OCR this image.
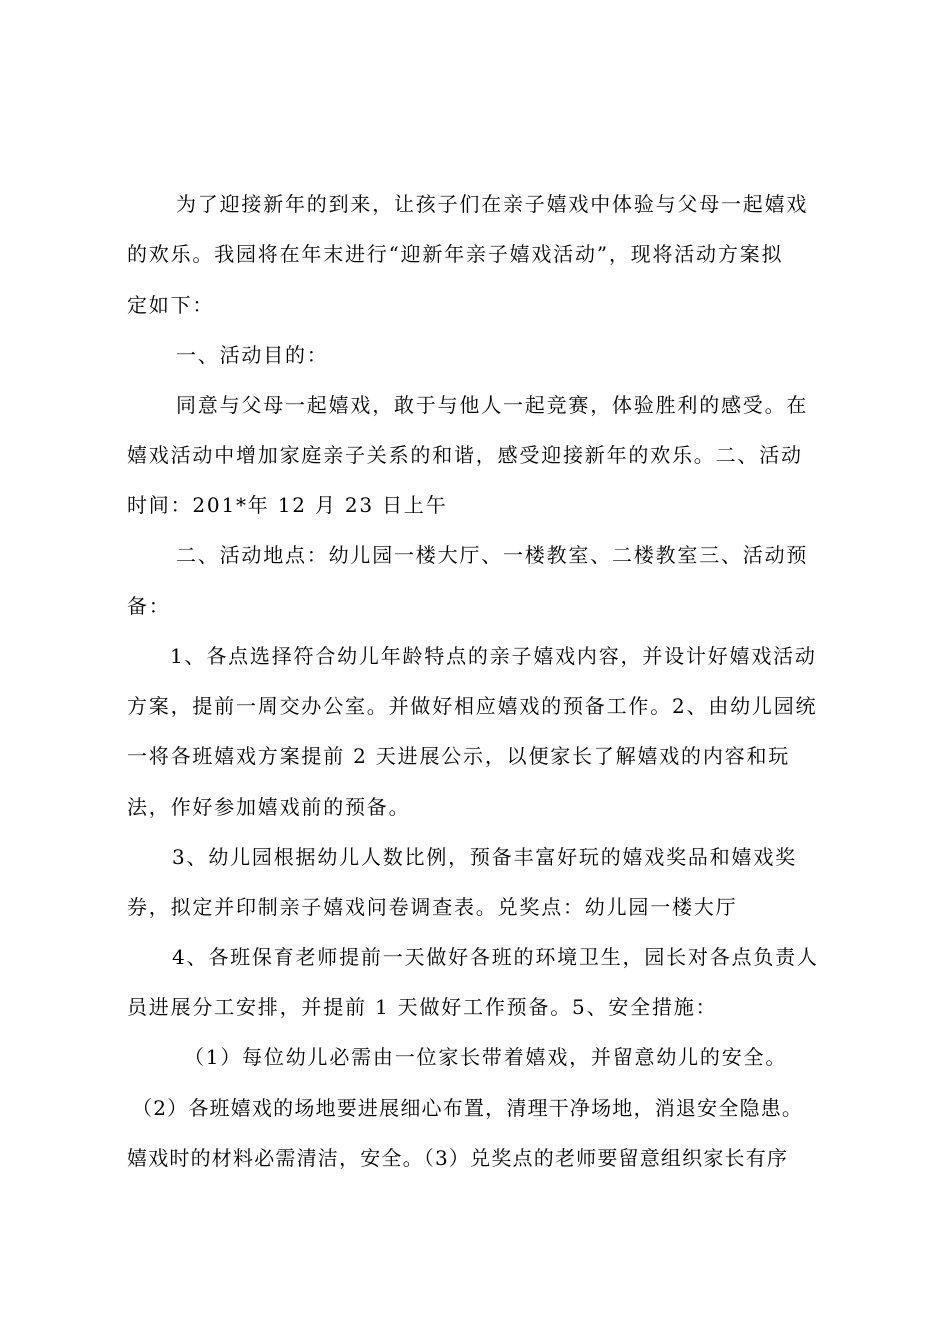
为了迎接新年的到来，让孩子们在亲子嬉戏中体验与父母一起嬉戏
的欢乐。我园将在年末进行“迎新年亲子嬉戏活动”，现将活动方案拟
定如下：
一、活动目的：
同意与父母一起嬉戏，敢于与他人一起竞赛，体验胜利的感受。在
嬉戏活动中增加家庭亲子关系的和谐，感受迎接新年的欢乐。二、活动
时间：201*年 12 月 23 日上午
二、活动地点：幼儿园一楼大厅、一楼教室、二楼教室三、活动预
备：
1、各点选择符合幼儿年龄特点的亲子嬉戏内容，并设计好嬉戏活动
方案，提前一周交办公室。并做好相应嬉戏的预备工作。2、由幼儿园统
一将各班嬉戏方案提前 2 天进展公示，以便家长了解嬉戏的内容和玩
法，作好参加嬉戏前的预备。
3、幼儿园根据幼儿人数比例，预备丰富好玩的嬉戏奖品和嬉戏奖
券，拟定并印制亲子嬉戏问卷调查表。兑奖点：幼儿园一楼大厅
4、各班保育老师提前一天做好各班的环境卫生，园长对各点负责人
员进展分工安排，并提前 1 天做好工作预备。5、安全措施：
（1）每位幼儿必需由一位家长带着嬉戏，并留意幼儿的安全。
（2）各班嬉戏的场地要进展细心布置，清理干净场地，消退安全隐患。
嬉戏时的材料必需清洁，安全。（3）兑奖点的老师要留意组织家长有序
